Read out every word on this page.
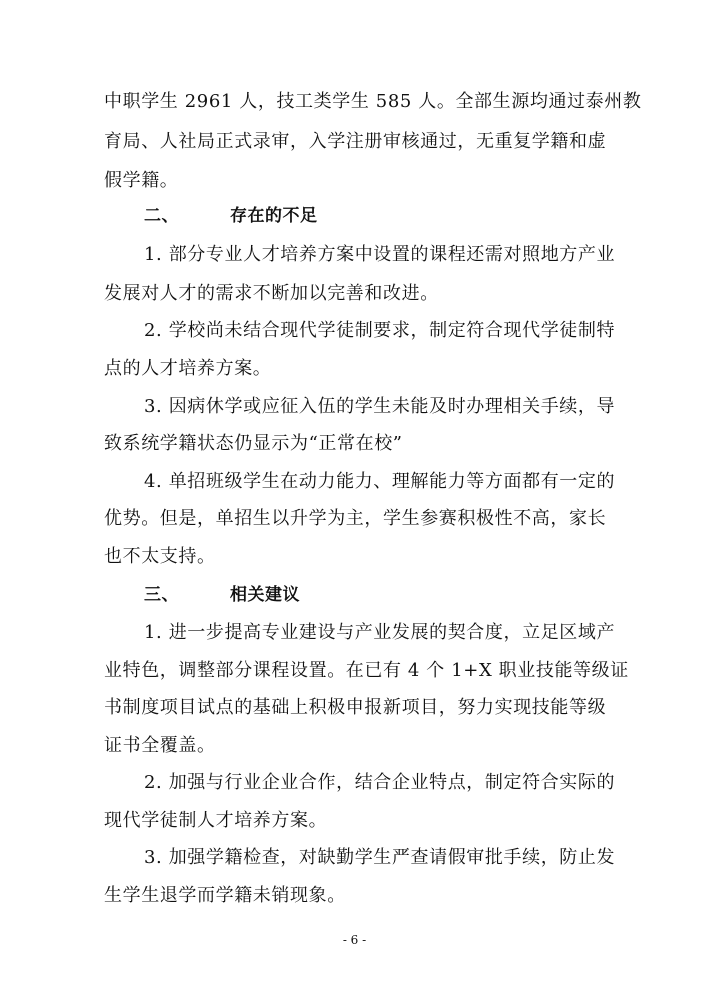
中职学生 2961 人，技工类学生 585 人。全部生源均通过泰州教
育局、人社局正式录审，入学注册审核通过，无重复学籍和虚
假学籍。
二、	存在的不足
1. 部分专业人才培养方案中设置的课程还需对照地方产业
发展对人才的需求不断加以完善和改进。
2. 学校尚未结合现代学徒制要求，制定符合现代学徒制特
点的人才培养方案。
3. 因病休学或应征入伍的学生未能及时办理相关手续，导
致系统学籍状态仍显示为“正常在校”
4. 单招班级学生在动力能力、理解能力等方面都有一定的
优势。但是，单招生以升学为主，学生参赛积极性不高，家长
也不太支持。
三、	相关建议
1. 进一步提高专业建设与产业发展的契合度，立足区域产
业特色，调整部分课程设置。在已有 4 个 1+X 职业技能等级证
书制度项目试点的基础上积极申报新项目，努力实现技能等级
证书全覆盖。
2. 加强与行业企业合作，结合企业特点，制定符合实际的
现代学徒制人才培养方案。
3. 加强学籍检查，对缺勤学生严查请假审批手续，防止发
生学生退学而学籍未销现象。
- 6 -
